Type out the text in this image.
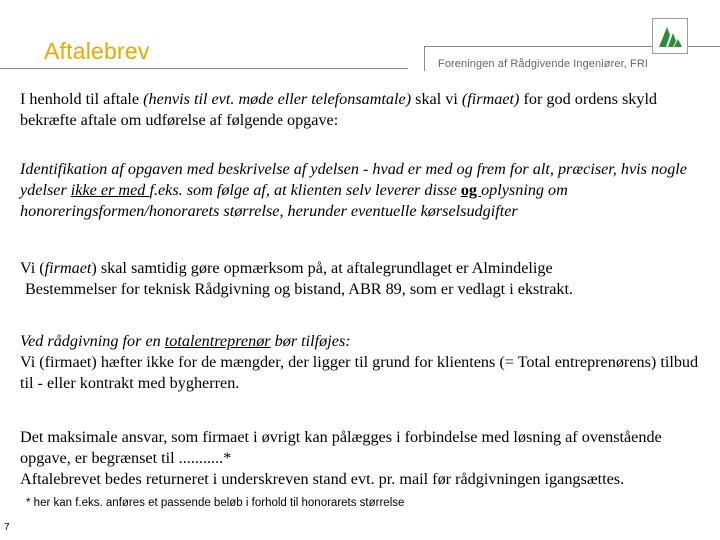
Aftalebrev	Foreningen af Rådgivende Ingeniører, FRI

I henhold til aftale (henvis til evt. møde eller telefonsamtale) skal vi (firmaet) for god ordens skyld bekræfte aftale om udførelse af følgende opgave:

Identifikation af opgaven med beskrivelse af ydelsen - hvad er med og frem for alt, præciser, hvis nogle ydelser ikke er med f.eks. som følge af, at klienten selv leverer disse og oplysning om honoreringsformen/honorarets størrelse, herunder eventuelle kørselsudgifter

Vi (firmaet) skal samtidig gøre opmærksom på, at aftalegrundlaget er Almindelige
Bestemmelser for teknisk Rådgivning og bistand, ABR 89, som er vedlagt i ekstrakt.

Ved rådgivning for en totalentreprenør bør tilføjes:
Vi (firmaet) hæfter ikke for de mængder, der ligger til grund for klientens (= Total entreprenørens) tilbud til - eller kontrakt med bygherren.

Det maksimale ansvar, som firmaet i øvrigt kan pålægges i forbindelse med løsning af ovenstående opgave, er begrænset til ...........*
Aftalebrevet bedes returneret i underskreven stand evt. pr. mail før rådgivningen igangsættes.

* her kan f.eks. anføres et passende beløb i forhold til honorarets størrelse
7
